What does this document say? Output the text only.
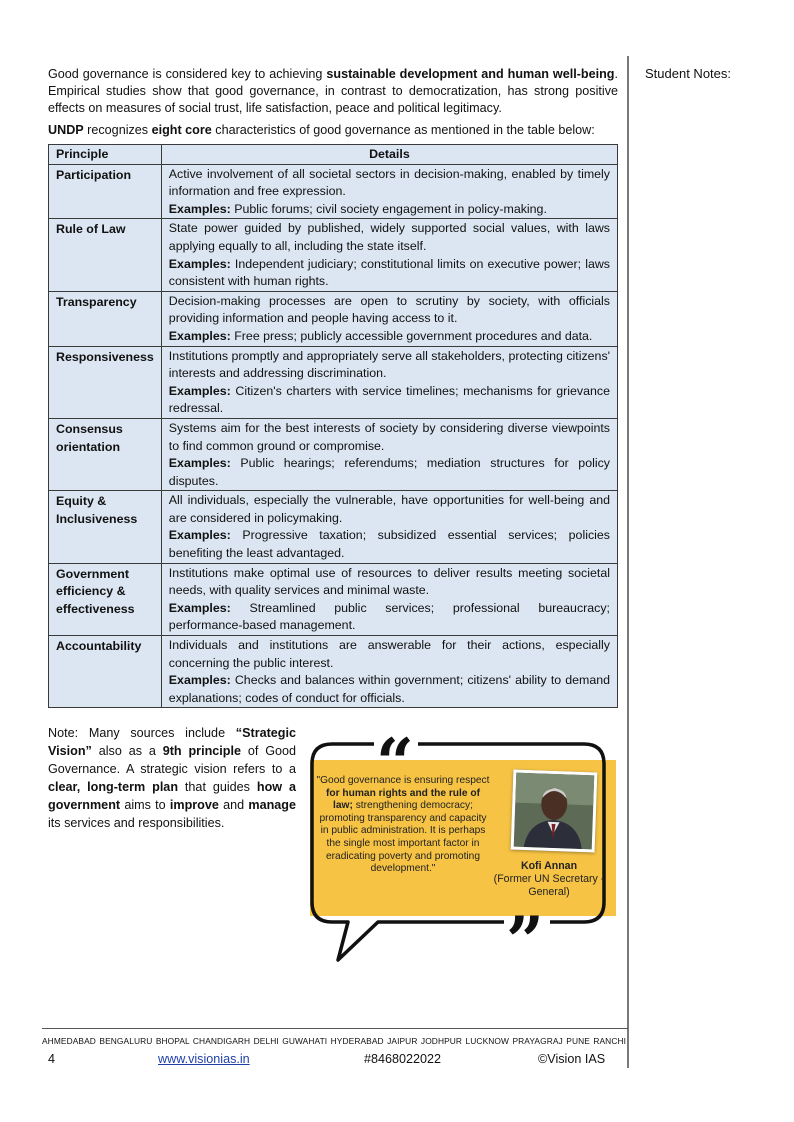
Student Notes:

Good governance is considered key to achieving sustainable development and human well-being. Empirical studies show that good governance, in contrast to democratization, has strong positive effects on measures of social trust, life satisfaction, peace and political legitimacy.

UNDP recognizes eight core characteristics of good governance as mentioned in the table below:

Principle	Details
Participation	Active involvement of all societal sectors in decision-making, enabled by timely information and free expression.
Examples: Public forums; civil society engagement in policy-making.

Rule of Law	State power guided by published, widely supported social values, with laws applying equally to all, including the state itself.
Examples: Independent judiciary; constitutional limits on executive power; laws consistent with human rights.

Transparency	Decision-making processes are open to scrutiny by society, with officials providing information and people having access to it.
Examples: Free press; publicly accessible government procedures and data.

Responsiveness	Institutions promptly and appropriately serve all stakeholders, protecting citizens' interests and addressing discrimination.
Examples: Citizen's charters with service timelines; mechanisms for grievance redressal.

Consensus orientation	Systems aim for the best interests of society by considering diverse viewpoints to find common ground or compromise.
Examples: Public hearings; referendums; mediation structures for policy disputes.

Equity & Inclusiveness	All individuals, especially the vulnerable, have opportunities for well-being and are considered in policymaking.
Examples: Progressive taxation; subsidized essential services; policies benefiting the least advantaged.

Government efficiency & effectiveness	Institutions make optimal use of resources to deliver results meeting societal needs, with quality services and minimal waste.
Examples: Streamlined public services; professional bureaucracy; performance-based management.

Accountability	Individuals and institutions are answerable for their actions, especially concerning the public interest.
Examples: Checks and balances within government; citizens' ability to demand explanations; codes of conduct for officials.
Note: Many sources include “Strategic Vision” also as a 9th principle of Good Governance. A strategic vision refers to a clear, long-term plan that guides how a government aims to improve and manage its services and responsibilities.
“
”
"Good governance is ensuring respect for human rights and the rule of law; strengthening democracy; promoting transparency and capacity in public administration. It is perhaps the single most important factor in eradicating poverty and promoting development."	Kofi Annan
(Former UN Secretary -General)
AHMEDABAD BENGALURU BHOPAL CHANDIGARH DELHI GUWAHATI HYDERABAD JAIPUR JODHPUR LUCKNOW PRAYAGRAJ PUNE RANCHI
4	www.visionias.in	#8468022022	©Vision IAS
